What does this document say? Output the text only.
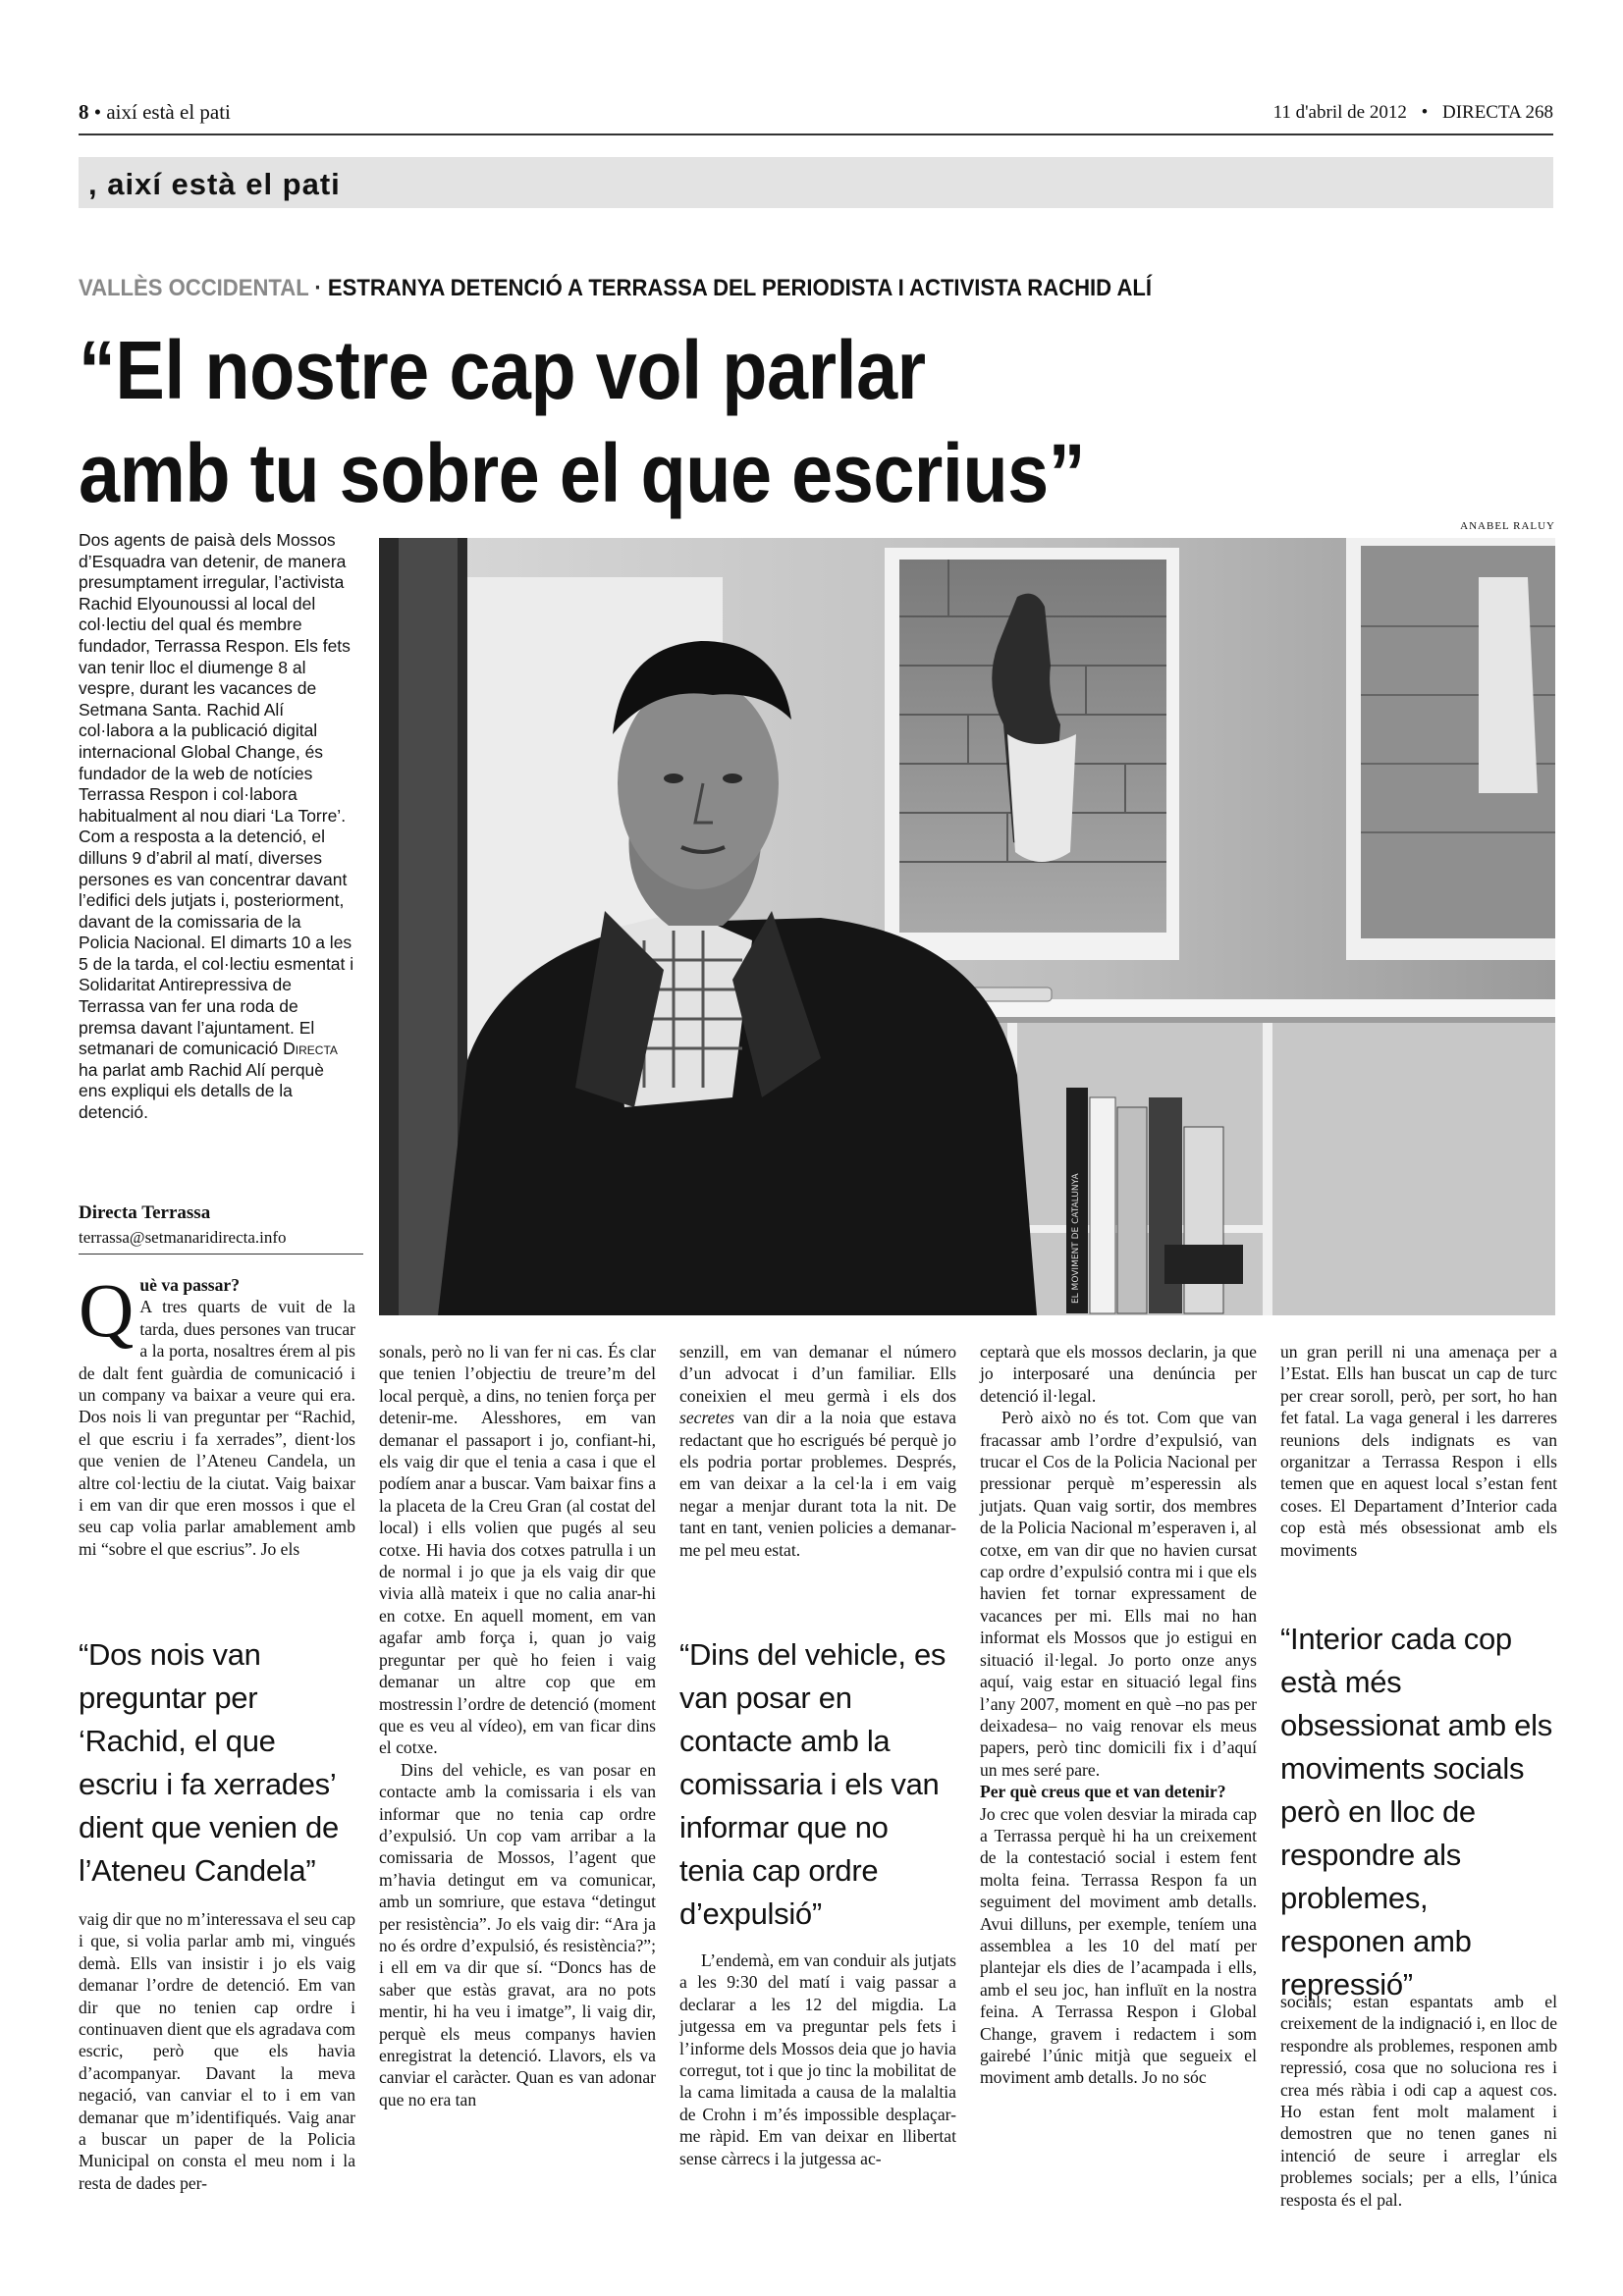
8 • així està el pati	11 d'abril de 2012 • DIRECTA 268
, així està el pati
VALLÈS OCCIDENTAL · ESTRANYA DETENCIÓ A TERRASSA DEL PERIODISTA I ACTIVISTA RACHID ALÍ
“El nostre cap vol parlar
amb tu sobre el que escrius”
Dos agents de paisà dels Mossos d’Esquadra van detenir, de manera presumptament irregular, l’activista Rachid Elyounoussi al local del col·lectiu del qual és membre fundador, Terrassa Respon. Els fets van tenir lloc el diumenge 8 al vespre, durant les vacances de Setmana Santa. Rachid Alí col·labora a la publicació digital internacional Global Change, és fundador de la web de notícies Terrassa Respon i col·labora habitualment al nou diari ‘La Torre’. Com a resposta a la detenció, el dilluns 9 d’abril al matí, diverses persones es van concentrar davant l’edifici dels jutjats i, posteriorment, davant de la comissaria de la Policia Nacional. El dimarts 10 a les 5 de la tarda, el col·lectiu esmentat i Solidaritat Antirepressiva de Terrassa van fer una roda de premsa davant l’ajuntament. El setmanari de comunicació Directa ha parlat amb Rachid Alí perquè ens expliqui els detalls de la detenció.
Directa Terrassa
terrassa@setmanaridirecta.info
ANABEL RALUY
EL MOVIMENT DE CATALUNYA

Q uè va passar?
A tres quarts de vuit de la tarda, dues persones van trucar a la porta, nosaltres érem al pis de dalt fent guàrdia de comunicació i un company va baixar a veure qui era. Dos nois li van preguntar per “Rachid, el que escriu i fa xerrades”, dient·los que venien de l’Ateneu Candela, un altre col·lectiu de la ciutat. Vaig baixar i em van dir que eren mossos i que el seu cap volia parlar amablement amb mi “sobre el que escrius”. Jo els

“Dos nois van preguntar per ‘Rachid, el que escriu i fa xerrades’ dient que venien de l’Ateneu Candela”

vaig dir que no m’interessava el seu cap i que, si volia parlar amb mi, vingués demà. Ells van insistir i jo els vaig demanar l’ordre de detenció. Em van dir que no tenien cap ordre i continuaven dient que els agradava com escric, però que els havia d’acompanyar. Davant la meva negació, van canviar el to i em van demanar que m’identifiqués. Vaig anar a buscar un paper de la Policia Municipal on consta el meu nom i la resta de dades per-

sonals, però no li van fer ni cas. És clar que tenien l’objectiu de treure’m del local perquè, a dins, no tenien força per detenir-me. Alesshores, em van demanar el passaport i jo, confiant-hi, els vaig dir que el tenia a casa i que el podíem anar a buscar. Vam baixar fins a la placeta de la Creu Gran (al costat del local) i ells volien que pugés al seu cotxe. Hi havia dos cotxes patrulla i un de normal i jo que ja els vaig dir que vivia allà mateix i que no calia anar-hi en cotxe. En aquell moment, em van agafar amb força i, quan jo vaig preguntar per què ho feien i vaig demanar un altre cop que em mostressin l’ordre de detenció (moment que es veu al vídeo), em van ficar dins el cotxe.

Dins del vehicle, es van posar en contacte amb la comissaria i els van informar que no tenia cap ordre d’expulsió. Un cop vam arribar a la comissaria de Mossos, l’agent que m’havia detingut em va comunicar, amb un somriure, que estava “detingut per resistència”. Jo els vaig dir: “Ara ja no és ordre d’expulsió, és resistència?”; i ell em va dir que sí. “Doncs has de saber que estàs gravat, ara no pots mentir, hi ha veu i imatge”, li vaig dir, perquè els meus companys havien enregistrat la detenció. Llavors, els va canviar el caràcter. Quan es van adonar que no era tan

senzill, em van demanar el número d’un advocat i d’un familiar. Ells coneixien el meu germà i els dos secretes van dir a la noia que estava redactant que ho escrigués bé perquè jo els podria portar problemes. Després, em van deixar a la cel·la i em vaig negar a menjar durant tota la nit. De tant en tant, venien policies a demanar-me pel meu estat.

“Dins del vehicle, es van posar en contacte amb la comissaria i els van informar que no tenia cap ordre d’expulsió”

L’endemà, em van conduir als jutjats a les 9:30 del matí i vaig passar a declarar a les 12 del migdia. La jutgessa em va preguntar pels fets i l’informe dels Mossos deia que jo havia corregut, tot i que jo tinc la mobilitat de la cama limitada a causa de la malaltia de Crohn i m’és impossible desplaçar-me ràpid. Em van deixar en llibertat sense càrrecs i la jutgessa ac-

ceptarà que els mossos declarin, ja que jo interposaré una denúncia per detenció il·legal.

Però això no és tot. Com que van fracassar amb l’ordre d’expulsió, van trucar el Cos de la Policia Nacional per pressionar perquè m’esperessin als jutjats. Quan vaig sortir, dos membres de la Policia Nacional m’esperaven i, al cotxe, em van dir que no havien cursat cap ordre d’expulsió contra mi i que els havien fet tornar expressament de vacances per mi. Ells mai no han informat els Mossos que jo estigui en situació il·legal. Jo porto onze anys aquí, vaig estar en situació legal fins l’any 2007, moment en què –no pas per deixadesa– no vaig renovar els meus papers, però tinc domicili fix i d’aquí un mes seré pare.

Per què creus que et van detenir?

Jo crec que volen desviar la mirada cap a Terrassa perquè hi ha un creixement de la contestació social i estem fent molta feina. Terrassa Respon fa un seguiment del moviment amb detalls. Avui dilluns, per exemple, teníem una assemblea a les 10 del matí per plantejar els dies de l’acampada i ells, amb el seu joc, han influït en la nostra feina. A Terrassa Respon i Global Change, gravem i redactem i som gairebé l’únic mitjà que segueix el moviment amb detalls. Jo no sóc

un gran perill ni una amenaça per a l’Estat. Ells han buscat un cap de turc per crear soroll, però, per sort, ho han fet fatal. La vaga general i les darreres reunions dels indignats es van organitzar a Terrassa Respon i ells temen que en aquest local s’estan fent coses. El Departament d’Interior cada cop està més obsessionat amb els moviments

“Interior cada cop està més obsessionat amb els moviments socials però en lloc de respondre als problemes, responen amb repressió”

socials; estan espantats amb el creixement de la indignació i, en lloc de respondre als problemes, responen amb repressió, cosa que no soluciona res i crea més ràbia i odi cap a aquest cos. Ho estan fent molt malament i demostren que no tenen ganes ni intenció de seure i arreglar els problemes socials; per a ells, l’única resposta és el pal.
